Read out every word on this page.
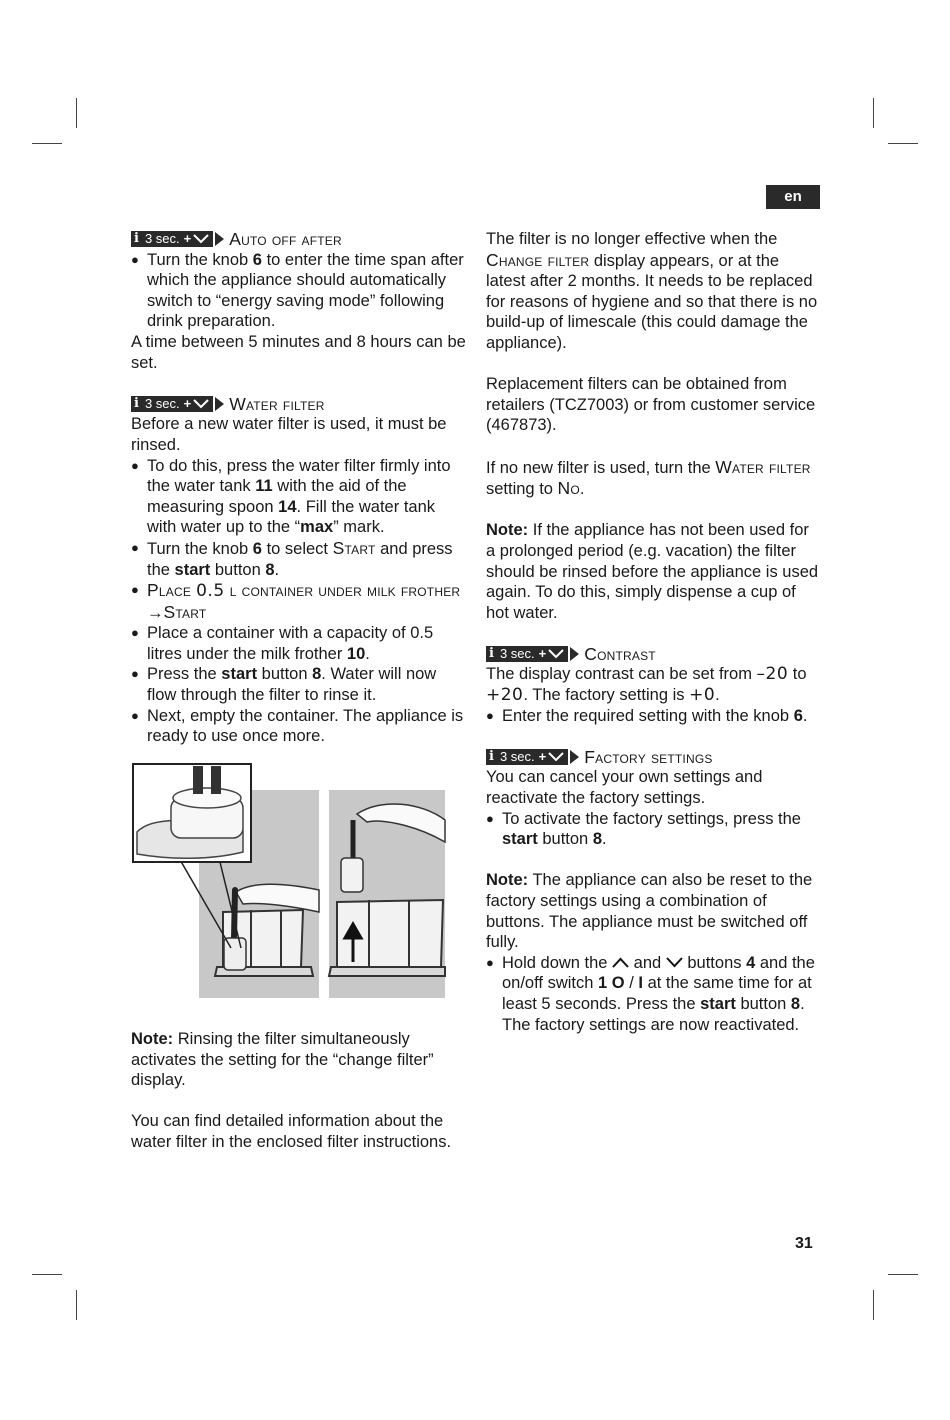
en
i 3 sec. + Auto off after

● Turn the knob 6 to enter the time span after which the appliance should automatically switch to “energy saving mode” following drink preparation.

A time between 5 minutes and 8 hours can be set.

i 3 sec. + Water filter

Before a new water filter is used, it must be rinsed.

● To do this, press the water filter firmly into the water tank 11 with the aid of the measuring spoon 14. Fill the water tank with water up to the “max” mark.

● Turn the knob 6 to select Start and press the start button 8.

● Place 0.5 l container under milk frother →Start

● Place a container with a capacity of 0.5 litres under the milk frother 10.

● Press the start button 8. Water will now flow through the filter to rinse it.

● Next, empty the container. The appliance is ready to use once more.

Note: Rinsing the filter simultaneously activates the setting for the “change filter” display.

You can find detailed information about the water filter in the enclosed filter instructions.

The filter is no longer effective when the Change filter display appears, or at the latest after 2 months. It needs to be replaced for reasons of hygiene and so that there is no build-up of limescale (this could damage the appliance).

Replacement filters can be obtained from retailers (TCZ7003) or from customer service (467873).

If no new filter is used, turn the Water filter setting to No.

Note: If the appliance has not been used for a prolonged period (e.g. vacation) the filter should be rinsed before the appliance is used again. To do this, simply dispense a cup of hot water.

i 3 sec. + Contrast

The display contrast can be set from –20 to +20. The factory setting is +0.

● Enter the required setting with the knob 6.

i 3 sec. + Factory settings

You can cancel your own settings and reactivate the factory settings.

● To activate the factory settings, press the start button 8.

Note: The appliance can also be reset to the factory settings using a combination of buttons. The appliance must be switched off fully.

● Hold down the  and  buttons 4 and the on/off switch 1 O / I at the same time for at least 5 seconds. Press the start button 8. The factory settings are now reactivated.

31
